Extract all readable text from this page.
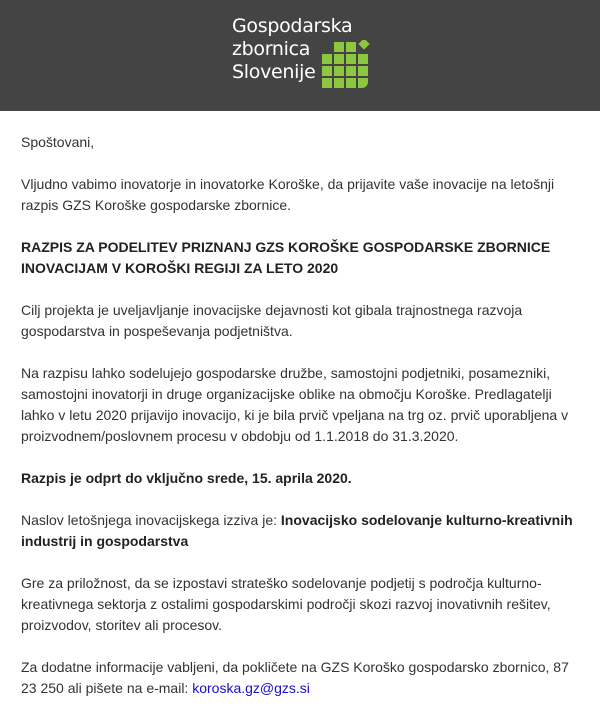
Gospodarska
zbornica
Slovenije

Spoštovani,

Vljudno vabimo inovatorje in inovatorke Koroške, da prijavite vaše inovacije na letošnji razpis GZS Koroške gospodarske zbornice.

RAZPIS ZA PODELITEV PRIZNANJ GZS KOROŠKE GOSPODARSKE ZBORNICE INOVACIJAM V KOROŠKI REGIJI ZA LETO 2020

Cilj projekta je uveljavljanje inovacijske dejavnosti kot gibala trajnostnega razvoja gospodarstva in pospeševanja podjetništva.

Na razpisu lahko sodelujejo gospodarske družbe, samostojni podjetniki, posamezniki, samostojni inovatorji in druge organizacijske oblike na območju Koroške. Predlagatelji lahko v letu 2020 prijavijo inovacijo, ki je bila prvič vpeljana na trg oz. prvič uporabljena v proizvodnem/poslovnem procesu v obdobju od 1.1.2018 do 31.3.2020.

Razpis je odprt do vključno srede, 15. aprila 2020.

Naslov letošnjega inovacijskega izziva je: Inovacijsko sodelovanje kulturno-kreativnih industrij in gospodarstva

Gre za priložnost, da se izpostavi strateško sodelovanje podjetij s področja kulturno-kreativnega sektorja z ostalimi gospodarskimi področji skozi razvoj inovativnih rešitev, proizvodov, storitev ali procesov.

Za dodatne informacije vabljeni, da pokličete na GZS Koroško gospodarsko zbornico, 87 23 250 ali pišete na e-mail: koroska.gz@gzs.si
